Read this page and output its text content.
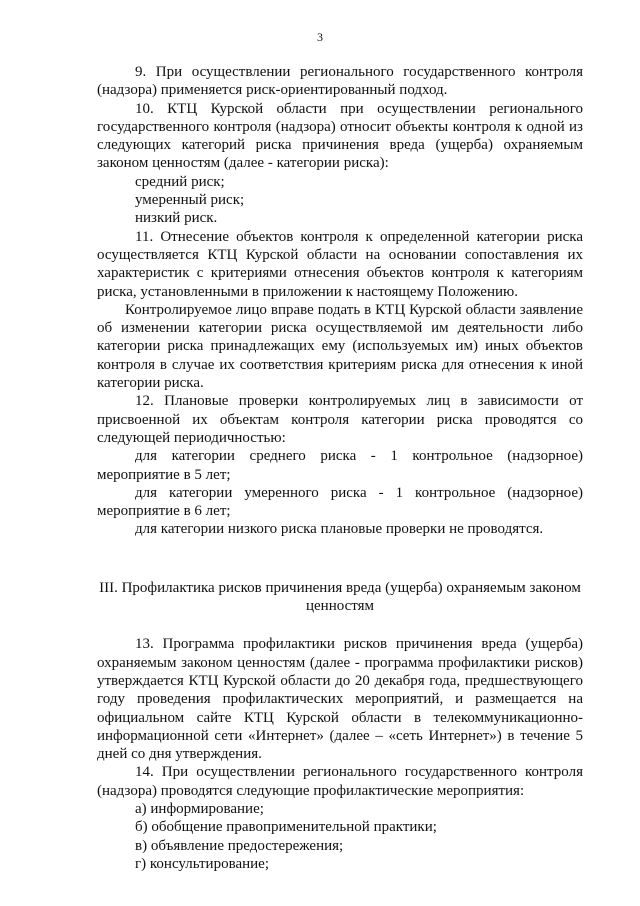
3

9. При осуществлении регионального государственного контроля (надзора) применяется риск-ориентированный подход.

10. КТЦ Курской области при осуществлении регионального государственного контроля (надзора) относит объекты контроля к одной из следующих категорий риска причинения вреда (ущерба) охраняемым законом ценностям (далее - категории риска):

средний риск;

умеренный риск;

низкий риск.

11. Отнесение объектов контроля к определенной категории риска осуществляется КТЦ Курской области на основании сопоставления их характеристик с критериями отнесения объектов контроля к категориям риска, установленными в приложении к настоящему Положению.

Контролируемое лицо вправе подать в КТЦ Курской области заявление об изменении категории риска осуществляемой им деятельности либо категории риска принадлежащих ему (используемых им) иных объектов контроля в случае их соответствия критериям риска для отнесения к иной категории риска.

12. Плановые проверки контролируемых лиц в зависимости от присвоенной их объектам контроля категории риска проводятся со следующей периодичностью:

для категории среднего риска - 1 контрольное (надзорное) мероприятие в 5 лет;

для категории умеренного риска - 1 контрольное (надзорное) мероприятие в 6 лет;

для категории низкого риска плановые проверки не проводятся.

III. Профилактика рисков причинения вреда (ущерба) охраняемым законом ценностям

13. Программа профилактики рисков причинения вреда (ущерба) охраняемым законом ценностям (далее - программа профилактики рисков) утверждается КТЦ Курской области до 20 декабря года, предшествующего году проведения профилактических мероприятий, и размещается на официальном сайте КТЦ Курской области в телекоммуникационно-информационной сети «Интернет» (далее – «сеть Интернет») в течение 5 дней со дня утверждения.

14. При осуществлении регионального государственного контроля (надзора) проводятся следующие профилактические мероприятия:

а) информирование;

б) обобщение правоприменительной практики;

в) объявление предостережения;

г) консультирование;
